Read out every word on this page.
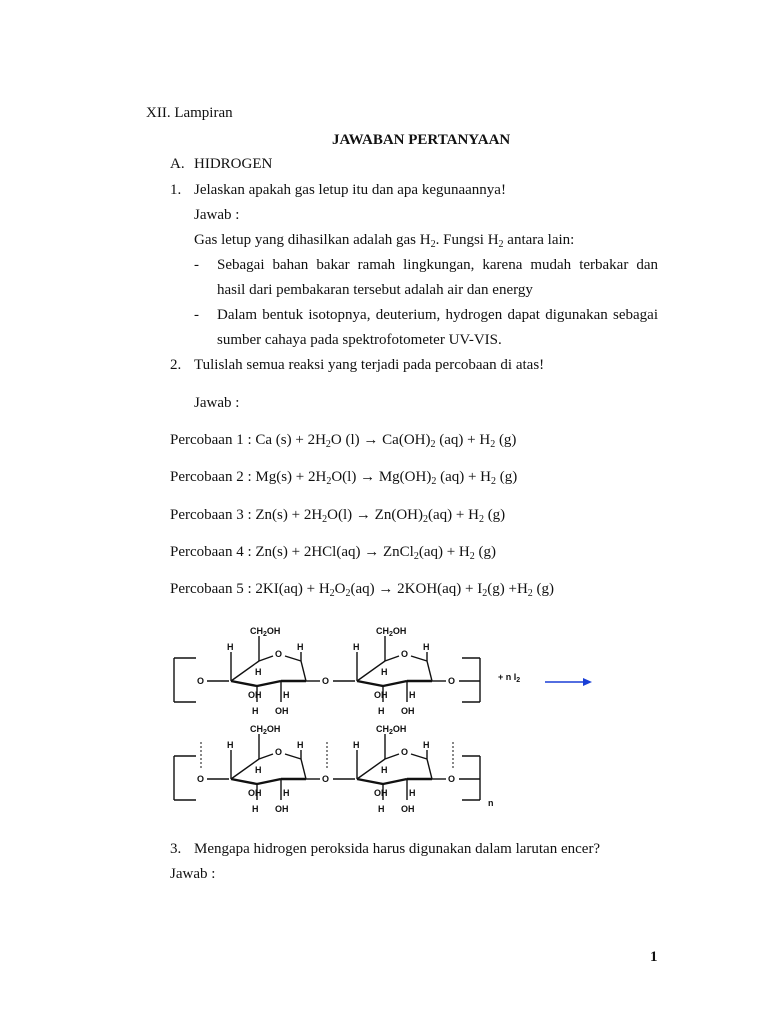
XII. Lampiran
JAWABAN PERTANYAAN
A. HIDROGEN
1. Jelaskan apakah gas letup itu dan apa kegunaannya!
Jawab :
Gas letup yang dihasilkan adalah gas $H_2$. Fungsi $H_2$ antara lain:
- Sebagai bahan bakar ramah lingkungan, karena mudah terbakar dan
hasil dari pembakaran tersebut adalah air dan energy
- Dalam bentuk isotopnya, deuterium, hydrogen dapat digunakan sebagai
sumber cahaya pada spektrofotometer UV-VIS.
2. Tulislah semua reaksi yang terjadi pada percobaan di atas!
Jawab :
Percobaan 1 : Ca $(s) + 2H_2O$ $(l) \to Ca(OH)_2$ $(aq) + H_2$ (g)
Percobaan 2 : $Mg(s) + 2H_2O(l) \to Mg(OH)_2$ $(aq) + H_2$ (g)
Percobaan 3 : $Zn(s) + 2H_2O(l) \to Zn(OH)_2(aq) + H_2$ (g)
Percobaan 4 : Zn(s) + 2HCl(aq) → ZnCl$_2$(aq) + $H_2$ (g)
Percobaan 5 : $2KI(aq) + H_2O_2(aq) \to 2KOH(aq) + I_2(g) +H_2$ (g)
O
O
$CH_2OH$
H
H	H
OH H
H OH
O
O
$CH_2OH$
H
H	H
OH H
H OH
O	+ n $I_2$
O
O
$CH_2OH$
H
H	H
OH H
H OH
O
O
$CH_2OH$
H
H	H
OH H
H OH
O
n
3. Mengapa hidrogen peroksida harus digunakan dalam larutan encer?
Jawab :
1
